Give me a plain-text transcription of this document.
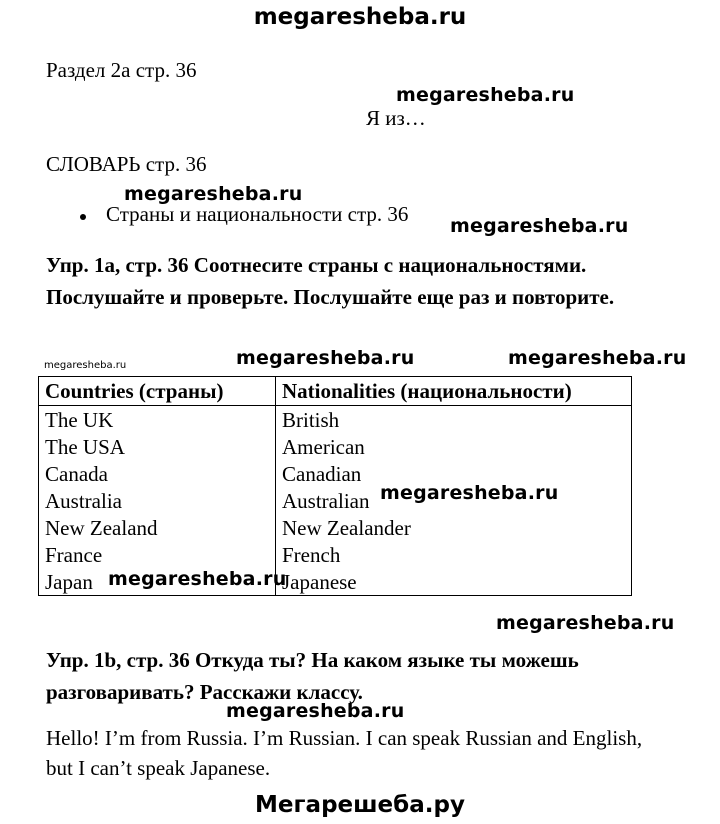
megaresheba.ru
Раздел 2a стр. 36
megaresheba.ru
Я из…
СЛОВАРЬ стр. 36
megaresheba.ru
Страны и национальности стр. 36 megaresheba.ru
Упр. 1a, стр. 36 Соотнесите страны с национальностями.
Послушайте и проверьте. Послушайте еще раз и повторите.
megaresheba.ru	megaresheba.ru	megaresheba.ru
Countries (страны)	Nationalities (национальности)
The UK	British
The USA	American
Canada	Canadian
Australia	Australian
New Zealand	New Zealander
France	French
Japan	Japanese
megaresheba.ru
megaresheba.ru
megaresheba.ru
Упр. 1b, стр. 36 Откуда ты? На каком языке ты можешь
разговаривать? Расскажи классу.
megaresheba.ru
Hello! I’m from Russia. I’m Russian. I can speak Russian and English,
but I can’t speak Japanese.
Мегарешеба.ру
